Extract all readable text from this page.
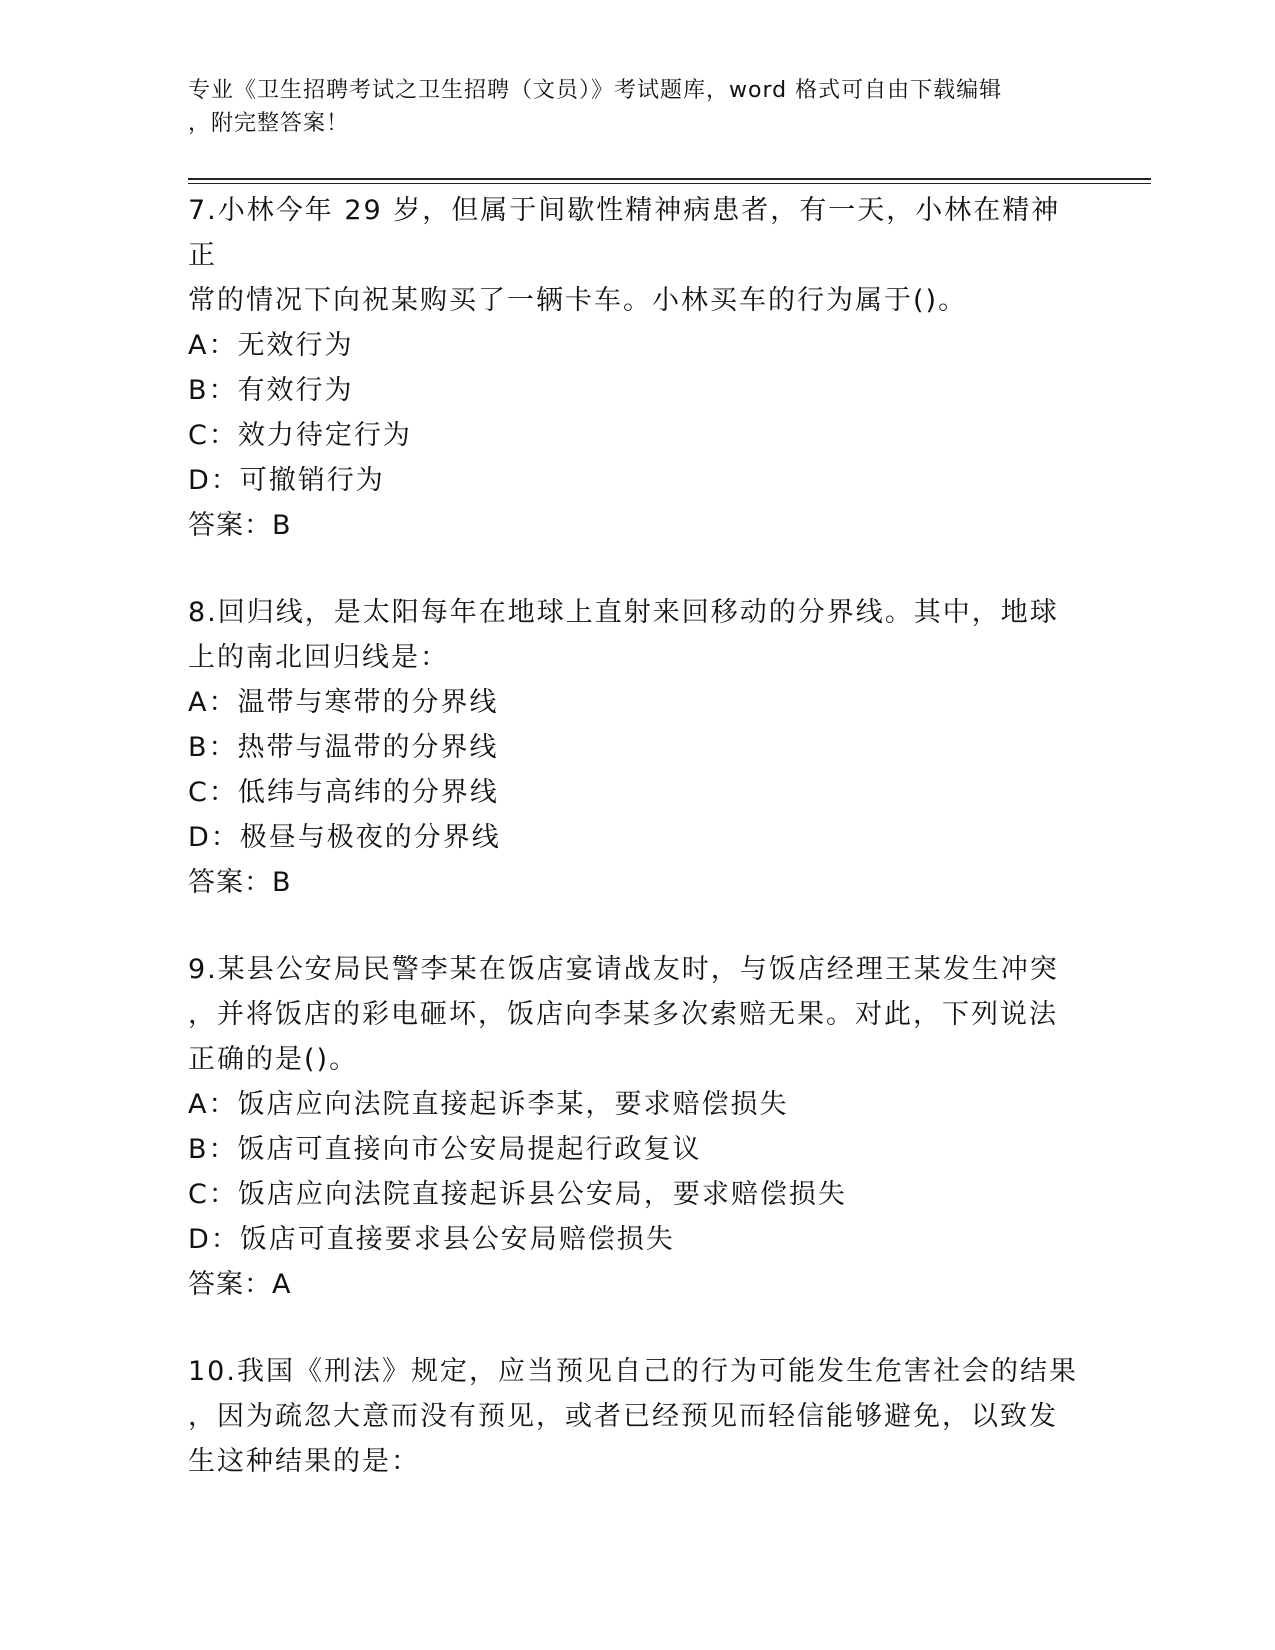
专业《卫生招聘考试之卫生招聘（文员）》考试题库，word 格式可自由下载编辑
，附完整答案！
7.小林今年 29 岁，但属于间歇性精神病患者，有一天，小林在精神正
常的情况下向祝某购买了一辆卡车。小林买车的行为属于()。
A：无效行为
B：有效行为
C：效力待定行为
D：可撤销行为
答案：B
8.回归线，是太阳每年在地球上直射来回移动的分界线。其中，地球
上的南北回归线是：
A：温带与寒带的分界线
B：热带与温带的分界线
C：低纬与高纬的分界线
D：极昼与极夜的分界线
答案：B
9.某县公安局民警李某在饭店宴请战友时，与饭店经理王某发生冲突
，并将饭店的彩电砸坏，饭店向李某多次索赔无果。对此，下列说法
正确的是()。
A：饭店应向法院直接起诉李某，要求赔偿损失
B：饭店可直接向市公安局提起行政复议
C：饭店应向法院直接起诉县公安局，要求赔偿损失
D：饭店可直接要求县公安局赔偿损失
答案：A
10.我国《刑法》规定，应当预见自己的行为可能发生危害社会的结果
，因为疏忽大意而没有预见，或者已经预见而轻信能够避免，以致发
生这种结果的是：
